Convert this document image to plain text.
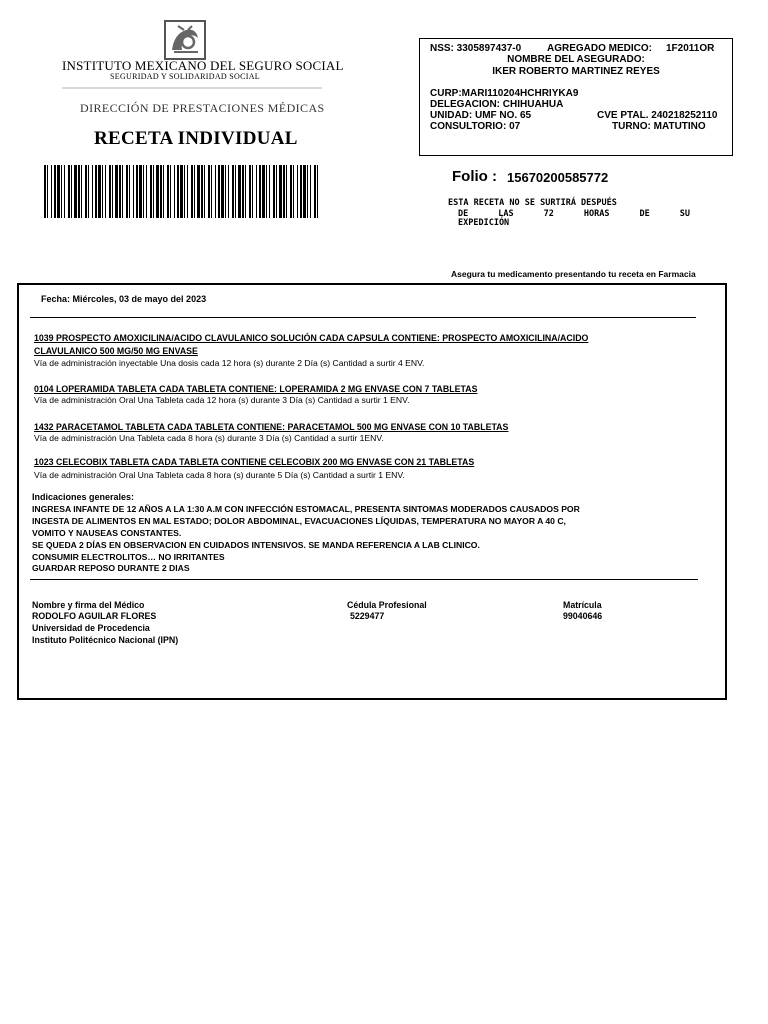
INSTITUTO MEXICANO DEL SEGURO SOCIAL
SEGURIDAD Y SOLIDARIDAD SOCIAL
DIRECCIÓN DE PRESTACIONES MÉDICAS
RECETA INDIVIDUAL
NSS: 3305897437-0	AGREGADO MEDICO: 1F2011OR
NOMBRE DEL ASEGURADO:
IKER ROBERTO MARTINEZ REYES
CURP:MARI110204HCHRIYKA9
DELEGACION: CHIHUAHUA
UNIDAD: UMF NO. 65	CVE PTAL. 240218252110
CONSULTORIO: 07	TURNO: MATUTINO
Folio : 15670200585772
ESTA RECETA NO SE SURTIRÁ DESPUÉS
DE	LAS	72	HORAS	DE	SU
EXPEDICIÓN
Asegura tu medicamento presentando tu receta en Farmacia
Fecha: Miércoles, 03 de mayo del 2023
1039 PROSPECTO AMOXICILINA/ACIDO CLAVULANICO SOLUCIÓN CADA CAPSULA CONTIENE: PROSPECTO AMOXICILINA/ACIDO
CLAVULANICO 500 MG/50 MG ENVASE
Vía de administración inyectable Una dosis cada 12 hora (s) durante 2 Día (s) Cantidad a surtir 4 ENV.
0104 LOPERAMIDA TABLETA CADA TABLETA CONTIENE: LOPERAMIDA 2 MG ENVASE CON 7 TABLETAS
Vía de administración Oral Una Tableta cada 12 hora (s) durante 3 Día (s) Cantidad a surtir 1 ENV.
1432 PARACETAMOL TABLETA CADA TABLETA CONTIENE: PARACETAMOL 500 MG ENVASE CON 10 TABLETAS
Vía de administración Una Tableta cada 8 hora (s) durante 3 Día (s) Cantidad a surtir 1ENV.
1023 CELECOBIX TABLETA CADA TABLETA CONTIENE CELECOBIX 200 MG ENVASE CON 21 TABLETAS
Vía de administración Oral Una Tableta cada 8 hora (s) durante 5 Día (s) Cantidad a surtir 1 ENV.
Indicaciones generales:
INGRESA INFANTE DE 12 AÑOS A LA 1:30 A.M CON INFECCIÓN ESTOMACAL, PRESENTA SINTOMAS MODERADOS CAUSADOS POR
INGESTA DE ALIMENTOS EN MAL ESTADO; DOLOR ABDOMINAL, EVACUACIONES LÍQUIDAS, TEMPERATURA NO MAYOR A 40 C,
VOMITO Y NAUSEAS CONSTANTES.
SE QUEDA 2 DÍAS EN OBSERVACION EN CUIDADOS INTENSIVOS. SE MANDA REFERENCIA A LAB CLINICO.
CONSUMIR ELECTROLITOS… NO IRRITANTES
GUARDAR REPOSO DURANTE 2 DIAS
Nombre y firma del Médico
RODOLFO AGUILAR FLORES
Universidad de Procedencia
Instituto Politécnico Nacional (IPN)
Cédula Profesional
5229477
Matrícula
99040646
